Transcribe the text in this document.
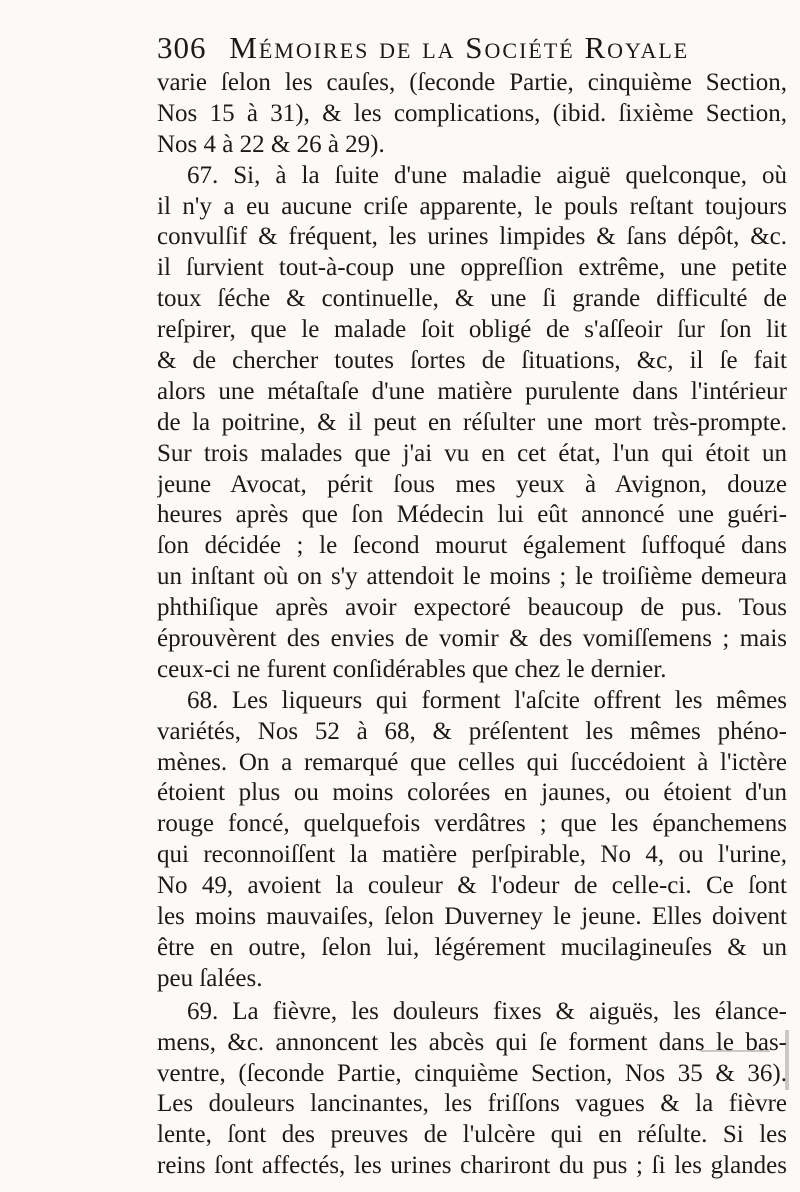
306 Mémoires de la Société Royale
varie ſelon les cauſes, (ſeconde Partie, cinquième Section,
Nos 15 à 31), & les complications, (ibid. ſixième Section,
Nos 4 à 22 & 26 à 29).
67. Si, à la ſuite d'une maladie aiguë quelconque, où
il n'y a eu aucune criſe apparente, le pouls reſtant toujours
convulſif & fréquent, les urines limpides & ſans dépôt, &c.
il ſurvient tout-à-coup une oppreſſion extrême, une petite
toux ſéche & continuelle, & une ſi grande difficulté de
reſpirer, que le malade ſoit obligé de s'aſſeoir ſur ſon lit
& de chercher toutes ſortes de ſituations, &c, il ſe fait
alors une métaſtaſe d'une matière purulente dans l'intérieur
de la poitrine, & il peut en réſulter une mort très-prompte.
Sur trois malades que j'ai vu en cet état, l'un qui étoit un
jeune Avocat, périt ſous mes yeux à Avignon, douze
heures après que ſon Médecin lui eût annoncé une guéri-
ſon décidée ; le ſecond mourut également ſuffoqué dans
un inſtant où on s'y attendoit le moins ; le troiſième demeura
phthiſique après avoir expectoré beaucoup de pus. Tous
éprouvèrent des envies de vomir & des vomiſſemens ; mais
ceux-ci ne furent conſidérables que chez le dernier.
68. Les liqueurs qui forment l'aſcite offrent les mêmes
variétés, Nos 52 à 68, & préſentent les mêmes phéno-
mènes. On a remarqué que celles qui ſuccédoient à l'ictère
étoient plus ou moins colorées en jaunes, ou étoient d'un
rouge foncé, quelquefois verdâtres ; que les épanchemens
qui reconnoiſſent la matière perſpirable, No 4, ou l'urine,
No 49, avoient la couleur & l'odeur de celle-ci. Ce ſont
les moins mauvaiſes, ſelon Duverney le jeune. Elles doivent
être en outre, ſelon lui, légérement mucilagineuſes & un
peu ſalées.
69. La fièvre, les douleurs fixes & aiguës, les élance-
mens, &c. annoncent les abcès qui ſe forment dans le bas-
ventre, (ſeconde Partie, cinquième Section, Nos 35 & 36).
Les douleurs lancinantes, les friſſons vagues & la fièvre
lente, ſont des preuves de l'ulcère qui en réſulte. Si les
reins ſont affectés, les urines chariront du pus ; ſi les glandes
